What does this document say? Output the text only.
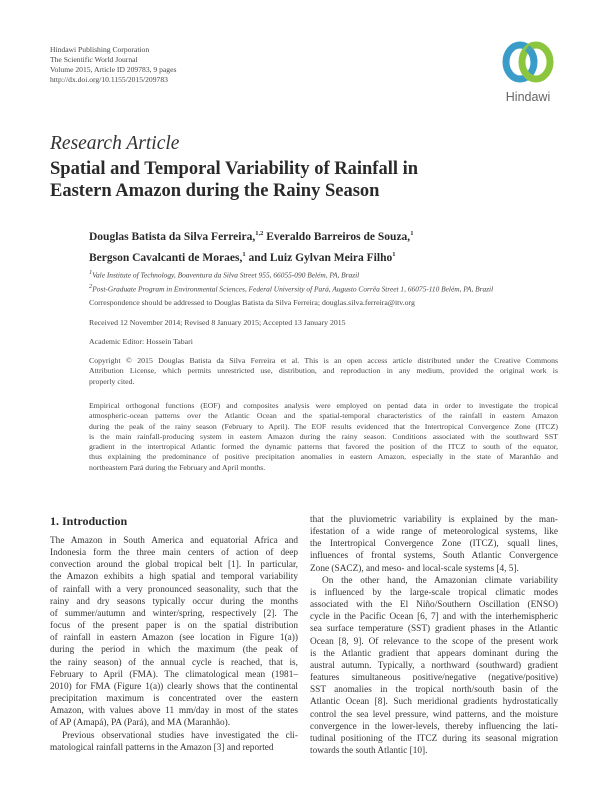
Hindawi Publishing Corporation
The Scientific World Journal
Volume 2015, Article ID 209783, 9 pages
http://dx.doi.org/10.1155/2015/209783
Hindawi
Research Article
Spatial and Temporal Variability of Rainfall in
Eastern Amazon during the Rainy Season
Douglas Batista da Silva Ferreira,$^{1,2}$ Everaldo Barreiros de Souza,$^1$
Bergson Cavalcanti de Moraes,$^1$ and Luiz Gylvan Meira Filho$^1$
$^1$Vale Institute of Technology, Boaventura da Silva Street 955, 66055-090 Belém, PA, Brazil
$^2$Post-Graduate Program in Environmental Sciences, Federal University of Pará, Augusto Corrêa Street 1, 66075-110 Belém, PA, Brazil
Correspondence should be addressed to Douglas Batista da Silva Ferreira; douglas.silva.ferreira@itv.org
Received 12 November 2014; Revised 8 January 2015; Accepted 13 January 2015
Academic Editor: Hossein Tabari
Copyright © 2015 Douglas Batista da Silva Ferreira et al. This is an open access article distributed under the Creative Commons
Attribution License, which permits unrestricted use, distribution, and reproduction in any medium, provided the original work is
properly cited.
Empirical orthogonal functions (EOF) and composites analysis were employed on pentad data in order to investigate the tropical
atmospheric-ocean patterns over the Atlantic Ocean and the spatial-temporal characteristics of the rainfall in eastern Amazon
during the peak of the rainy season (February to April). The EOF results evidenced that the Intertropical Convergence Zone (ITCZ)
is the main rainfall-producing system in eastern Amazon during the rainy season. Conditions associated with the southward SST
gradient in the intertropical Atlantic formed the dynamic patterns that favored the position of the ITCZ to south of the equator,
thus explaining the predominance of positive precipitation anomalies in eastern Amazon, especially in the state of Maranhão and
northeastern Pará during the February and April months.
1. Introduction
The Amazon in South America and equatorial Africa and
Indonesia form the three main centers of action of deep
convection around the global tropical belt [1]. In particular,
the Amazon exhibits a high spatial and temporal variability
of rainfall with a very pronounced seasonality, such that the
rainy and dry seasons typically occur during the months
of summer/autumn and winter/spring, respectively [2]. The
focus of the present paper is on the spatial distribution
of rainfall in eastern Amazon (see location in Figure 1(a))
during the period in which the maximum (the peak of
the rainy season) of the annual cycle is reached, that is,
February to April (FMA). The climatological mean (1981–
2010) for FMA (Figure 1(a)) clearly shows that the continental
precipitation maximum is concentrated over the eastern
Amazon, with values above 11 mm/day in most of the states
of AP (Amapá), PA (Pará), and MA (Maranhão).
Previous observational studies have investigated the cli-
matological rainfall patterns in the Amazon [3] and reported
that the pluviometric variability is explained by the man-
ifestation of a wide range of meteorological systems, like
the Intertropical Convergence Zone (ITCZ), squall lines,
influences of frontal systems, South Atlantic Convergence
Zone (SACZ), and meso- and local-scale systems [4, 5].
On the other hand, the Amazonian climate variability
is influenced by the large-scale tropical climatic modes
associated with the El Niño/Southern Oscillation (ENSO)
cycle in the Pacific Ocean [6, 7] and with the interhemispheric
sea surface temperature (SST) gradient phases in the Atlantic
Ocean [8, 9]. Of relevance to the scope of the present work
is the Atlantic gradient that appears dominant during the
austral autumn. Typically, a northward (southward) gradient
features simultaneous positive/negative (negative/positive)
SST anomalies in the tropical north/south basin of the
Atlantic Ocean [8]. Such meridional gradients hydrostatically
control the sea level pressure, wind patterns, and the moisture
convergence in the lower-levels, thereby influencing the lati-
tudinal positioning of the ITCZ during its seasonal migration
towards the south Atlantic [10].
